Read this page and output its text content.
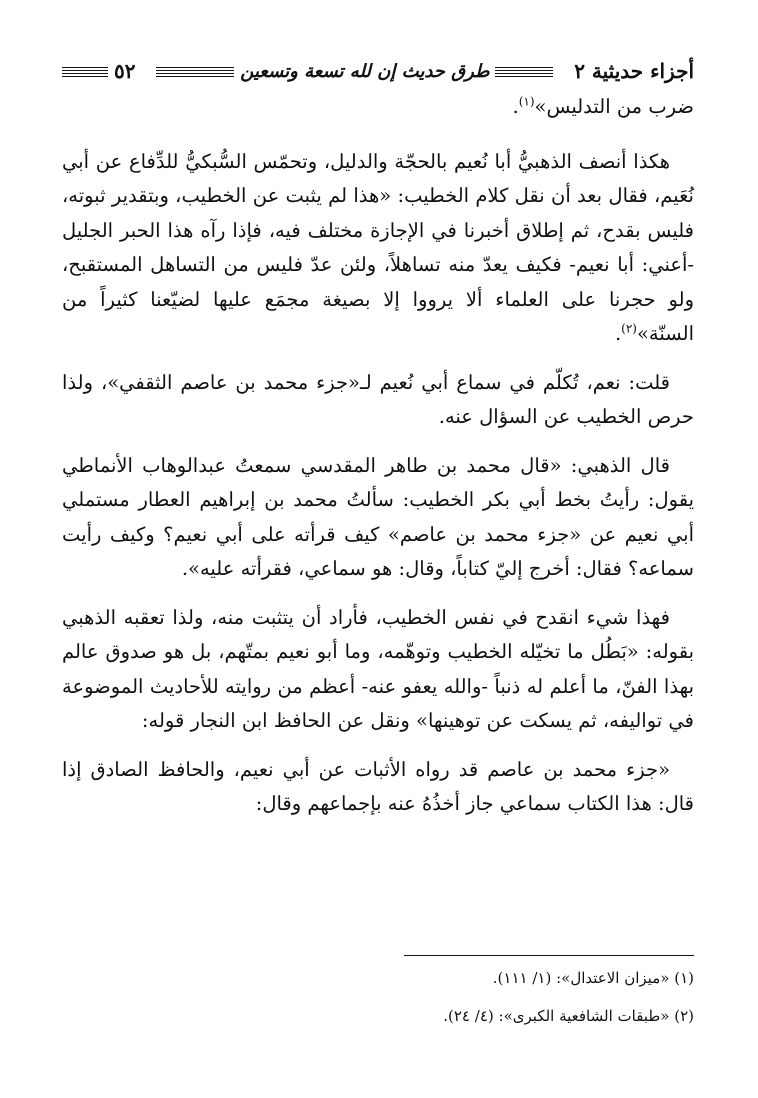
٥٢	طرق حديث إن لله تسعة وتسعين	أجزاء حديثية ٢

ضرب من التدليس»$^{(١)}$.

هكذا أنصف الذهبيُّ أبا نُعيم بالحجّة والدليل، وتحمّس السُّبكيُّ للدِّفاع عن أبي نُعَيم، فقال بعد أن نقل كلام الخطيب: «هذا لم يثبت عن الخطيب، وبتقدير ثبوته، فليس بقدح، ثم إطلاق أخبرنا في الإجازة مختلف فيه، فإذا رآه هذا الحبر الجليل -أعني: أبا نعيم- فكيف يعدّ منه تساهلاً، ولئن عدّ فليس من التساهل المستقبح، ولو حجرنا على العلماء ألا يرووا إلا بصيغة مجمَع عليها لضيّعنا كثيراً من السنّة»$^{(٢)}$.

قلت: نعم، تُكلّم في سماع أبي نُعيم لـ«جزء محمد بن عاصم الثقفي»، ولذا حرص الخطيب عن السؤال عنه.

قال الذهبي: «قال محمد بن طاهر المقدسي سمعتُ عبدالوهاب الأنماطي يقول: رأيتُ بخط أبي بكر الخطيب: سألتُ محمد بن إبراهيم العطار مستملي أبي نعيم عن «جزء محمد بن عاصم» كيف قرأته على أبي نعيم؟ وكيف رأيت سماعه؟ فقال: أخرج إليّ كتاباً، وقال: هو سماعي، فقرأته عليه».

فهذا شيء انقدح في نفس الخطيب، فأراد أن يتثبت منه، ولذا تعقبه الذهبي بقوله: «بَطُل ما تخيّله الخطيب وتوهّمه، وما أبو نعيم بمتّهم، بل هو صدوق عالم بهذا الفنّ، ما أعلم له ذنباً -والله يعفو عنه- أعظم من روايته للأحاديث الموضوعة في تواليفه، ثم يسكت عن توهينها» ونقل عن الحافظ ابن النجار قوله:

«جزء محمد بن عاصم قد رواه الأثبات عن أبي نعيم، والحافظ الصادق إذا قال: هذا الكتاب سماعي جاز أخذُهُ عنه بإجماعهم وقال:

(١) «ميزان الاعتدال»: (١/ ١١١).

(٢) «طبقات الشافعية الكبرى»: (٤/ ٢٤).
